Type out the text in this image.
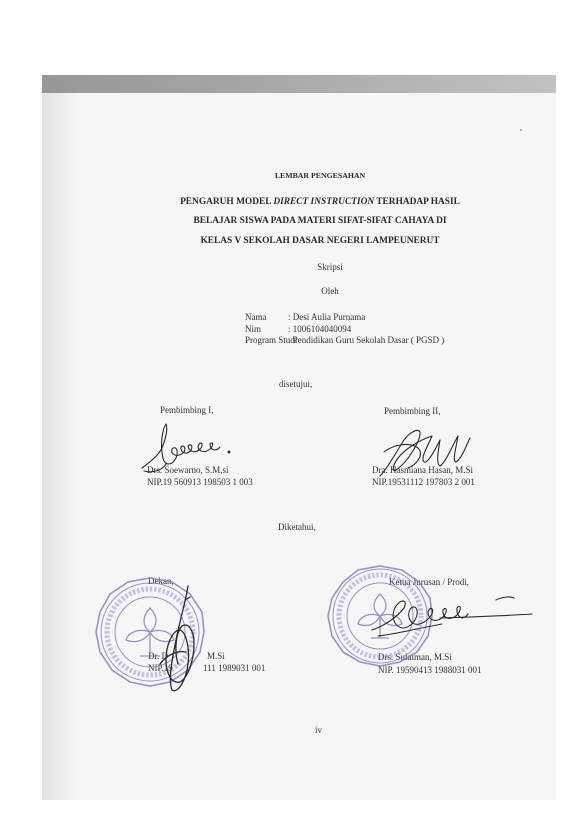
LEMBAR PENGESAHAN
PENGARUH MODEL DIRECT INSTRUCTION TERHADAP HASIL
BELAJAR SISWA PADA MATERI SIFAT-SIFAT CAHAYA DI
KELAS V SEKOLAH DASAR NEGERI LAMPEUNERUT
Skripsi
Oleh
Nama : Desi Aulia Purnama
Nim	: 1006104040094
Program Studi
: Pendidikan Guru Sekolah Dasar ( PGSD )
disetujui,
Pembimbing I,
Drs. Soewarno, S.M,si
NIP.19 560913 198503 1 003
Pembimbing II,
Dra. Hasmiana Hasan, M.Si
NIP.19531112 197803 2 001
Diketahui,
Dekan,
Dr. D	M.Si
NIP.19	111 1989031 001
Ketua Jurusan / Prodi,
Drs. Sulaiman, M.Si
NIP. 19590413 1988031 001
iv
